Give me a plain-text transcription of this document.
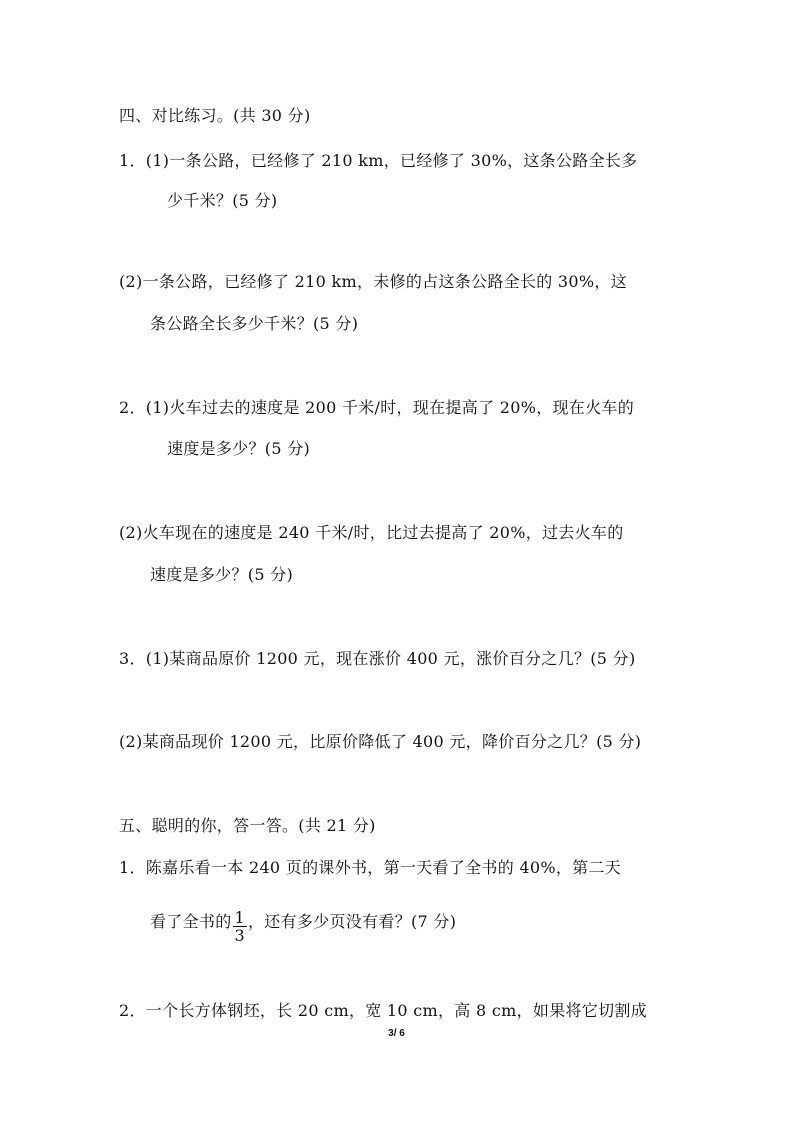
四、对比练习。(共 30 分)
1．(1)一条公路，已经修了 210 km，已经修了 30%，这条公路全长多
少千米？(5 分)
(2)一条公路，已经修了 210 km，未修的占这条公路全长的 30%，这
条公路全长多少千米？(5 分)
2．(1)火车过去的速度是 200 千米/时，现在提高了 20%，现在火车的
速度是多少？(5 分)
(2)火车现在的速度是 240 千米/时，比过去提高了 20%，过去火车的
速度是多少？(5 分)
3．(1)某商品原价 1200 元，现在涨价 400 元，涨价百分之几？(5 分)
(2)某商品现价 1200 元，比原价降低了 400 元，降价百分之几？(5 分)
五、聪明的你，答一答。(共 21 分)
1．陈嘉乐看一本 240 页的课外书，第一天看了全书的 40%，第二天
看了全书的 $\frac{1}{3}$ ，还有多少页没有看？(7 分)
2．一个长方体钢坯，长 20 cm，宽 10 cm，高 8 cm，如果将它切割成
3/ 6
